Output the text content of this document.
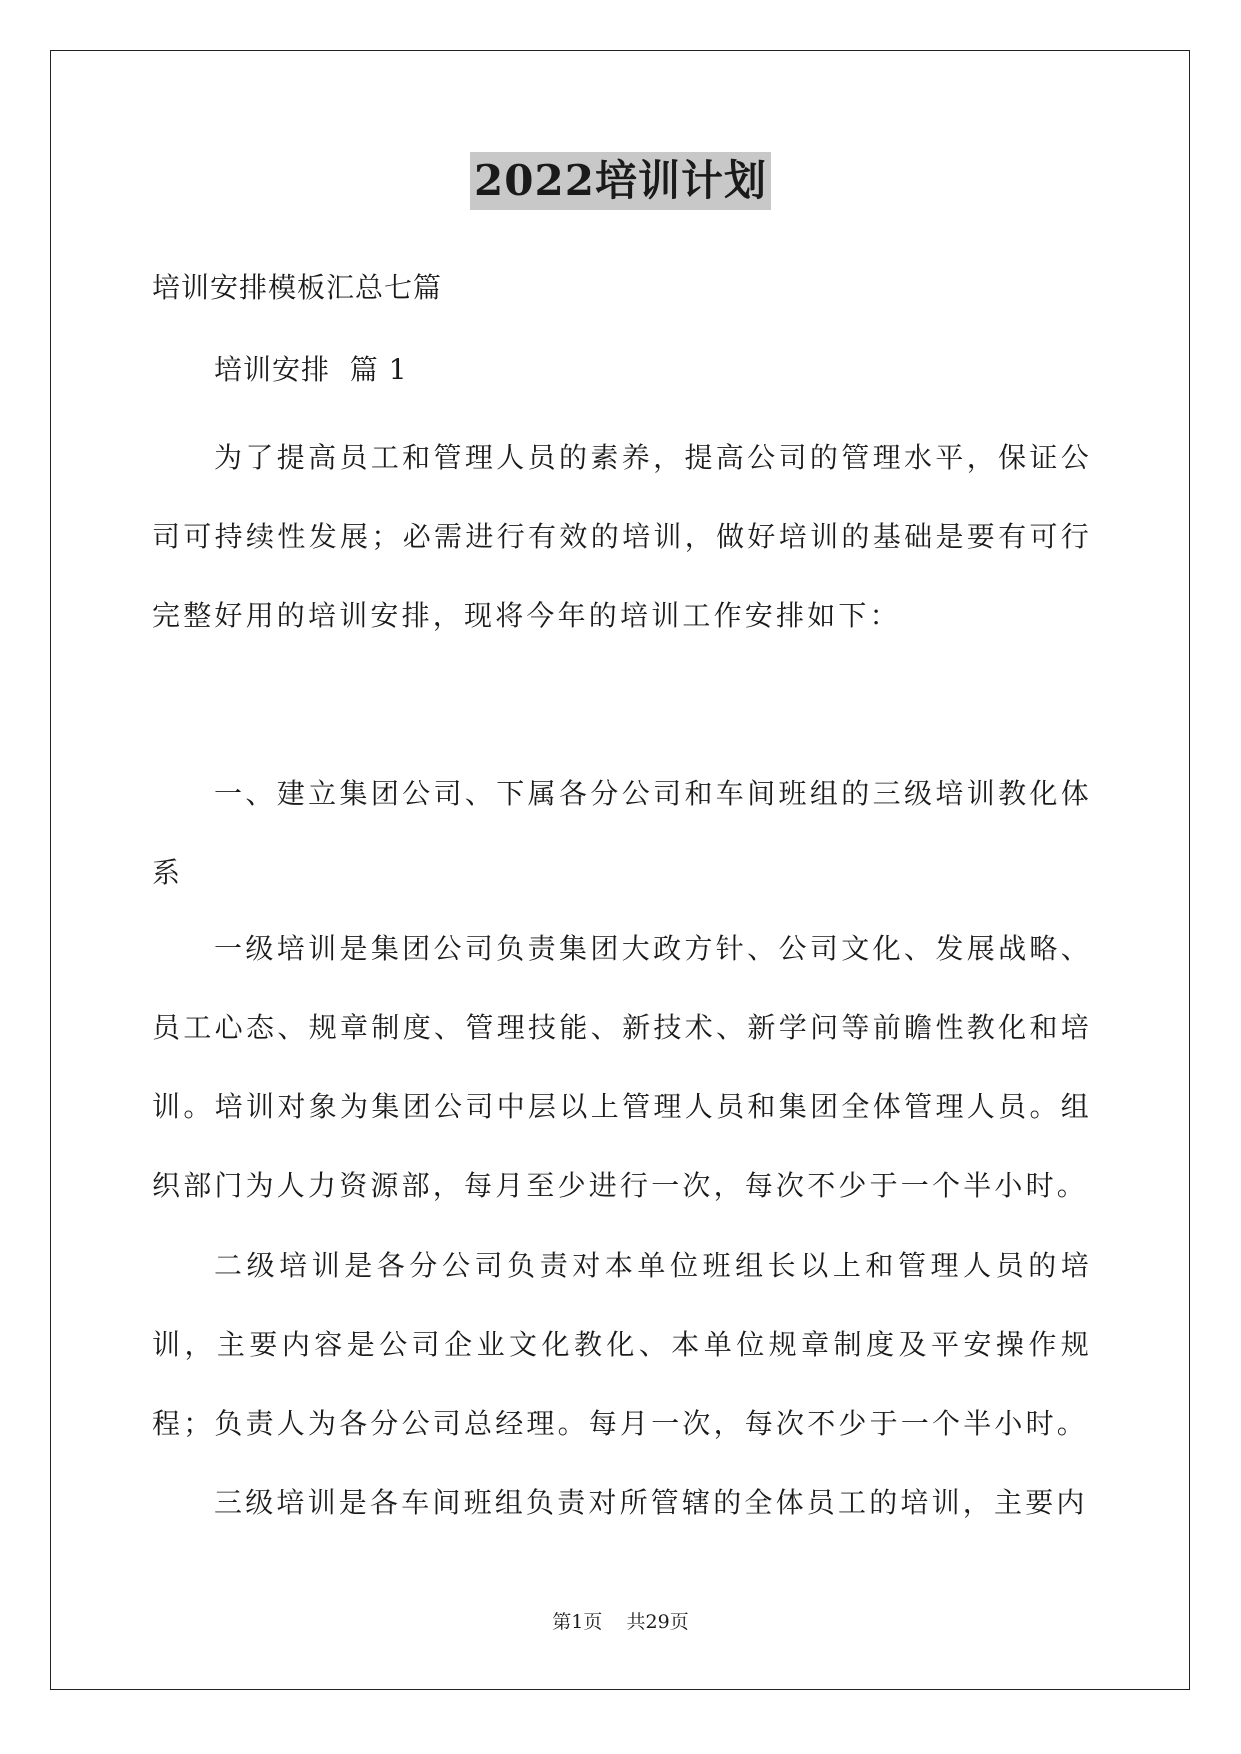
2022培训计划
培训安排模板汇总七篇
培训安排  篇 1

为了提高员工和管理人员的素养，提高公司的管理水平，保证公司可持续性发展；必需进行有效的培训，做好培训的基础是要有可行完整好用的培训安排，现将今年的培训工作安排如下：

一、建立集团公司、下属各分公司和车间班组的三级培训教化体系

一级培训是集团公司负责集团大政方针、公司文化、发展战略、员工心态、规章制度、管理技能、新技术、新学问等前瞻性教化和培训。培训对象为集团公司中层以上管理人员和集团全体管理人员。组织部门为人力资源部，每月至少进行一次，每次不少于一个半小时。

二级培训是各分公司负责对本单位班组长以上和管理人员的培训，主要内容是公司企业文化教化、本单位规章制度及平安操作规程；负责人为各分公司总经理。每月一次，每次不少于一个半小时。

三级培训是各车间班组负责对所管辖的全体员工的培训，主要内

第1页    共29页
